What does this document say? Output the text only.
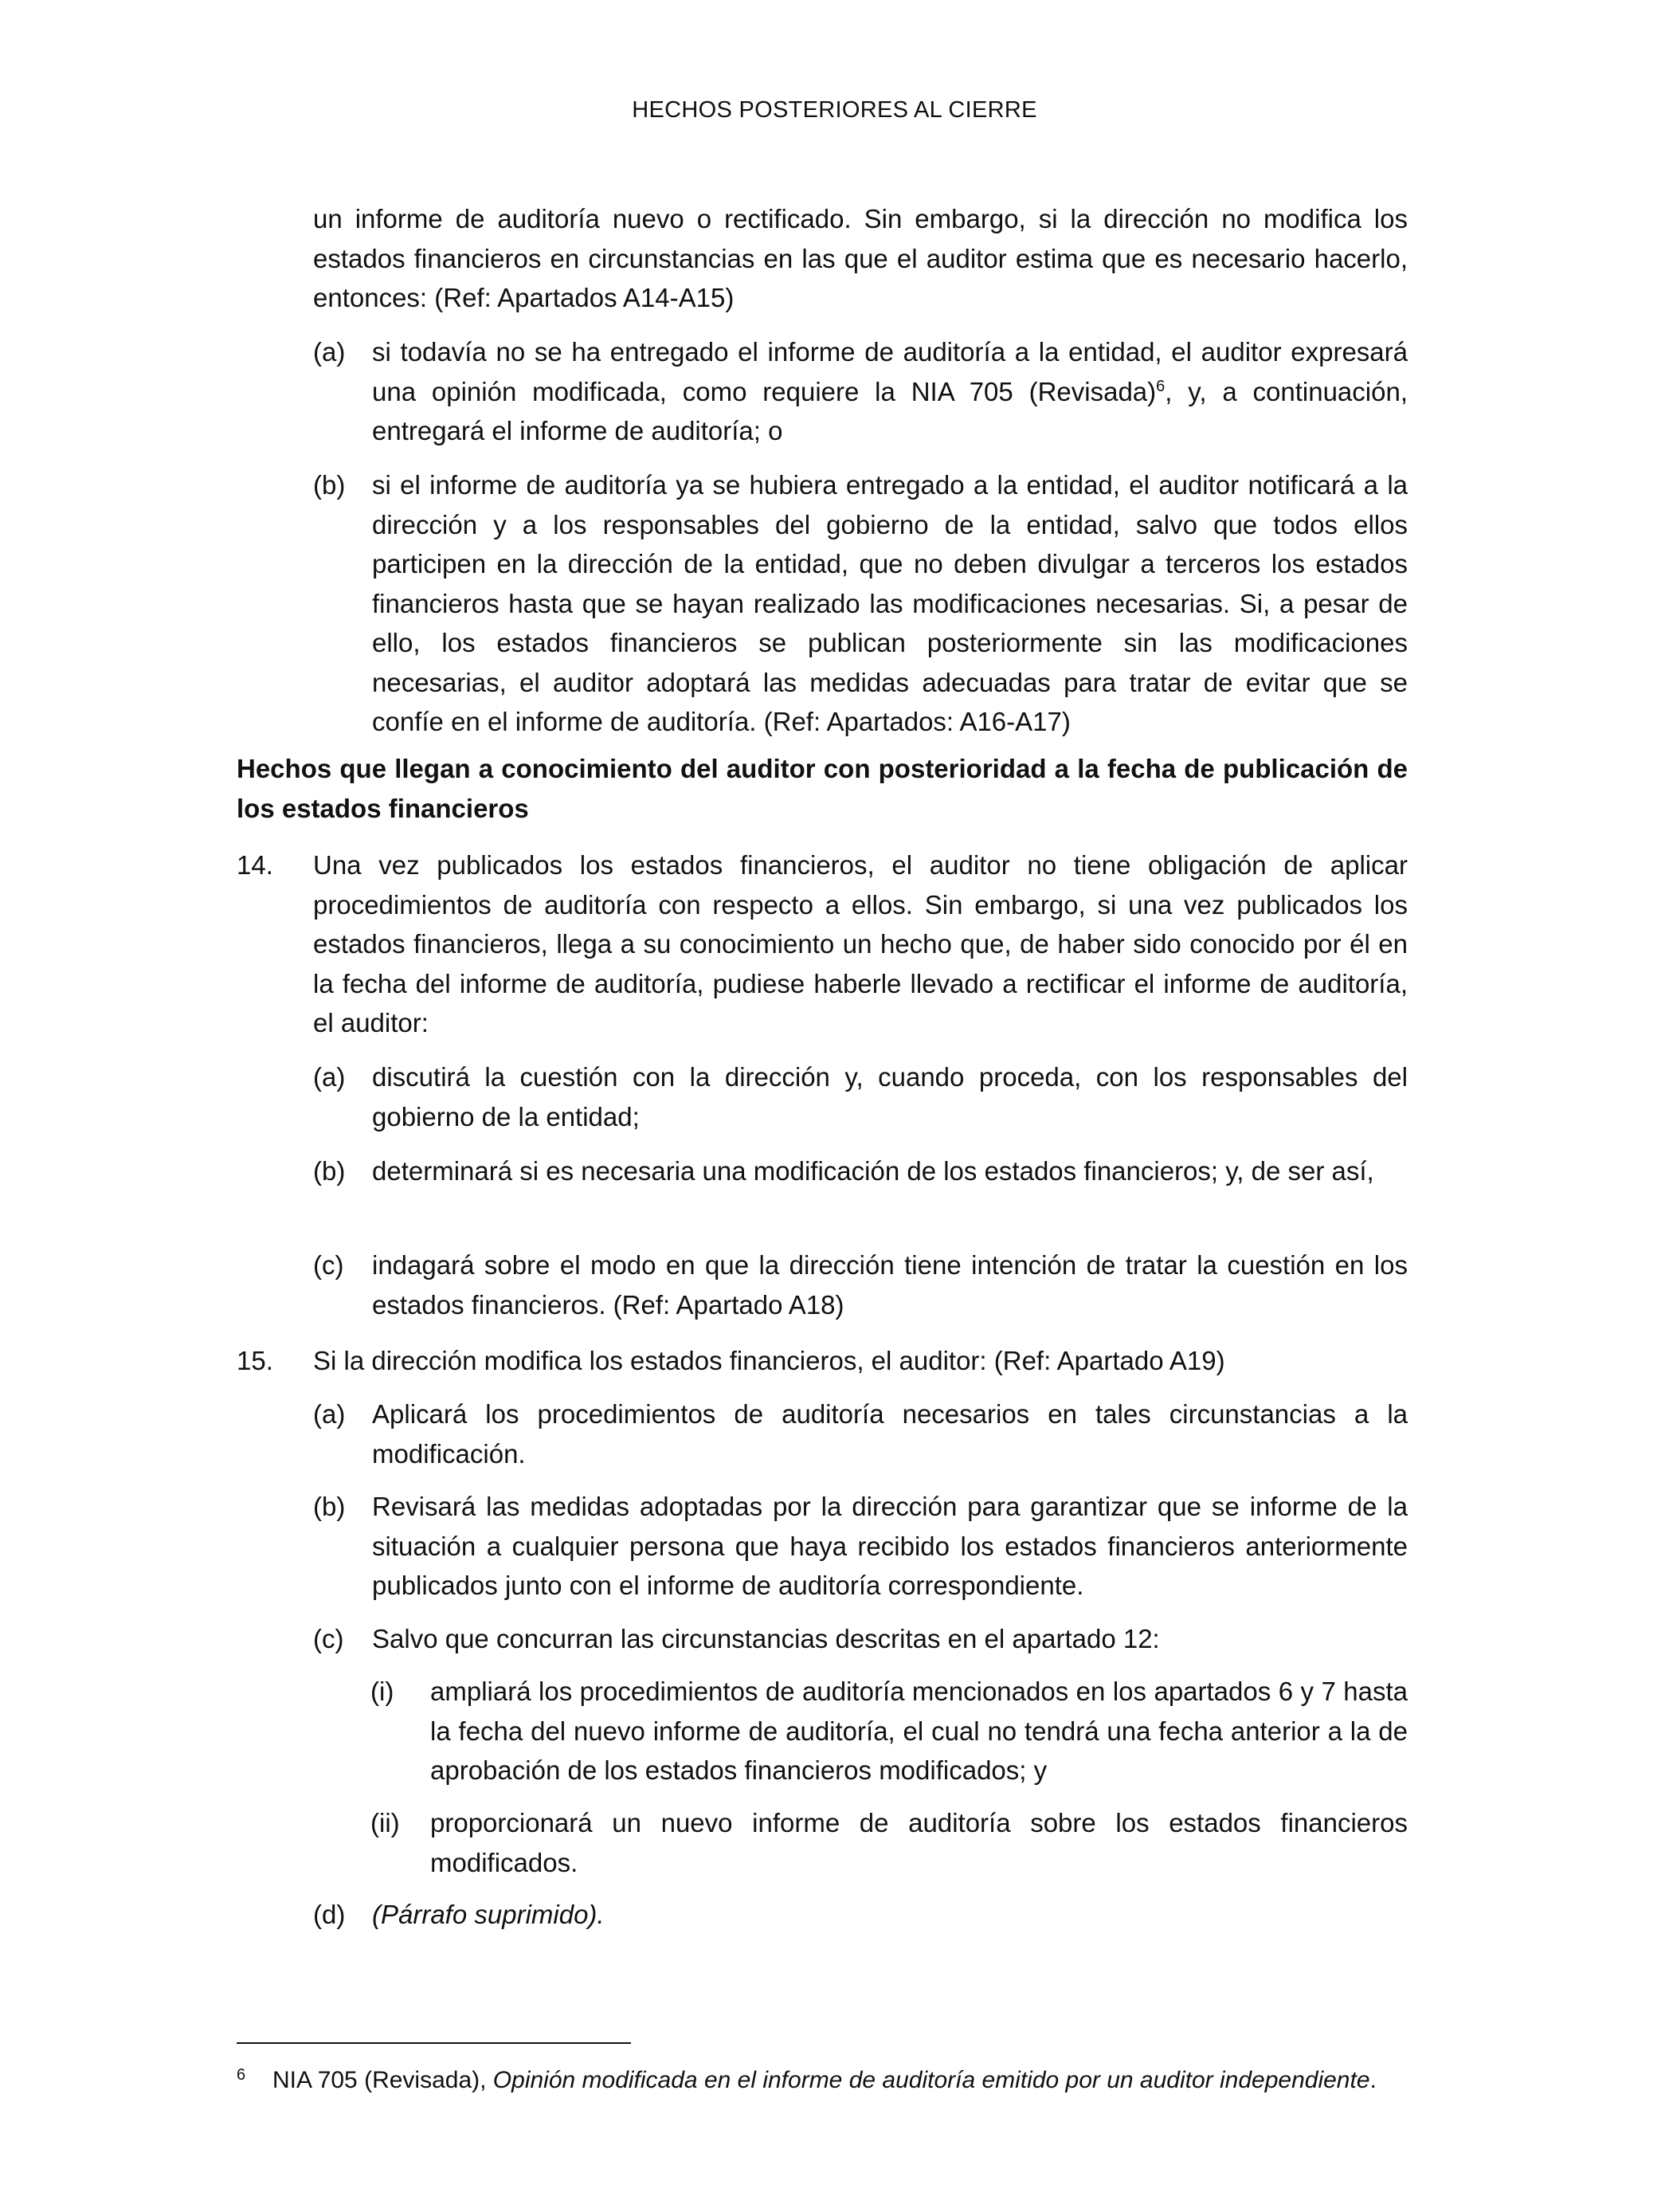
HECHOS POSTERIORES AL CIERRE
un informe de auditoría nuevo o rectificado. Sin embargo, si la dirección no modifica los estados financieros en circunstancias en las que el auditor estima que es necesario hacerlo, entonces: (Ref: Apartados A14-A15)
(a) si todavía no se ha entregado el informe de auditoría a la entidad, el auditor expresará una opinión modificada, como requiere la NIA 705 (Revisada)$^6$, y, a continuación, entregará el informe de auditoría; o
(b) si el informe de auditoría ya se hubiera entregado a la entidad, el auditor notificará a la dirección y a los responsables del gobierno de la entidad, salvo que todos ellos participen en la dirección de la entidad, que no deben divulgar a terceros los estados financieros hasta que se hayan realizado las modificaciones necesarias. Si, a pesar de ello, los estados financieros se publican posteriormente sin las modificaciones necesarias, el auditor adoptará las medidas adecuadas para tratar de evitar que se confíe en el informe de auditoría. (Ref: Apartados: A16-A17)
Hechos que llegan a conocimiento del auditor con posterioridad a la fecha de publicación de los estados financieros
14.	Una vez publicados los estados financieros, el auditor no tiene obligación de aplicar procedimientos de auditoría con respecto a ellos. Sin embargo, si una vez publicados los estados financieros, llega a su conocimiento un hecho que, de haber sido conocido por él en la fecha del informe de auditoría, pudiese haberle llevado a rectificar el informe de auditoría, el auditor:
(a) discutirá la cuestión con la dirección y, cuando proceda, con los responsables del gobierno de la entidad;
(b) determinará si es necesaria una modificación de los estados financieros; y, de ser así,
(c) indagará sobre el modo en que la dirección tiene intención de tratar la cuestión en los estados financieros. (Ref: Apartado A18)
15.	Si la dirección modifica los estados financieros, el auditor: (Ref: Apartado A19)
(a) Aplicará los procedimientos de auditoría necesarios en tales circunstancias a la modificación.
(b) Revisará las medidas adoptadas por la dirección para garantizar que se informe de la situación a cualquier persona que haya recibido los estados financieros anteriormente publicados junto con el informe de auditoría correspondiente.
(c) Salvo que concurran las circunstancias descritas en el apartado 12:
(i) ampliará los procedimientos de auditoría mencionados en los apartados 6 y 7 hasta la fecha del nuevo informe de auditoría, el cual no tendrá una fecha anterior a la de aprobación de los estados financieros modificados; y
(ii) proporcionará un nuevo informe de auditoría sobre los estados financieros modificados.
(d) (Párrafo suprimido).
6 NIA 705 (Revisada), Opinión modificada en el informe de auditoría emitido por un auditor independiente.
